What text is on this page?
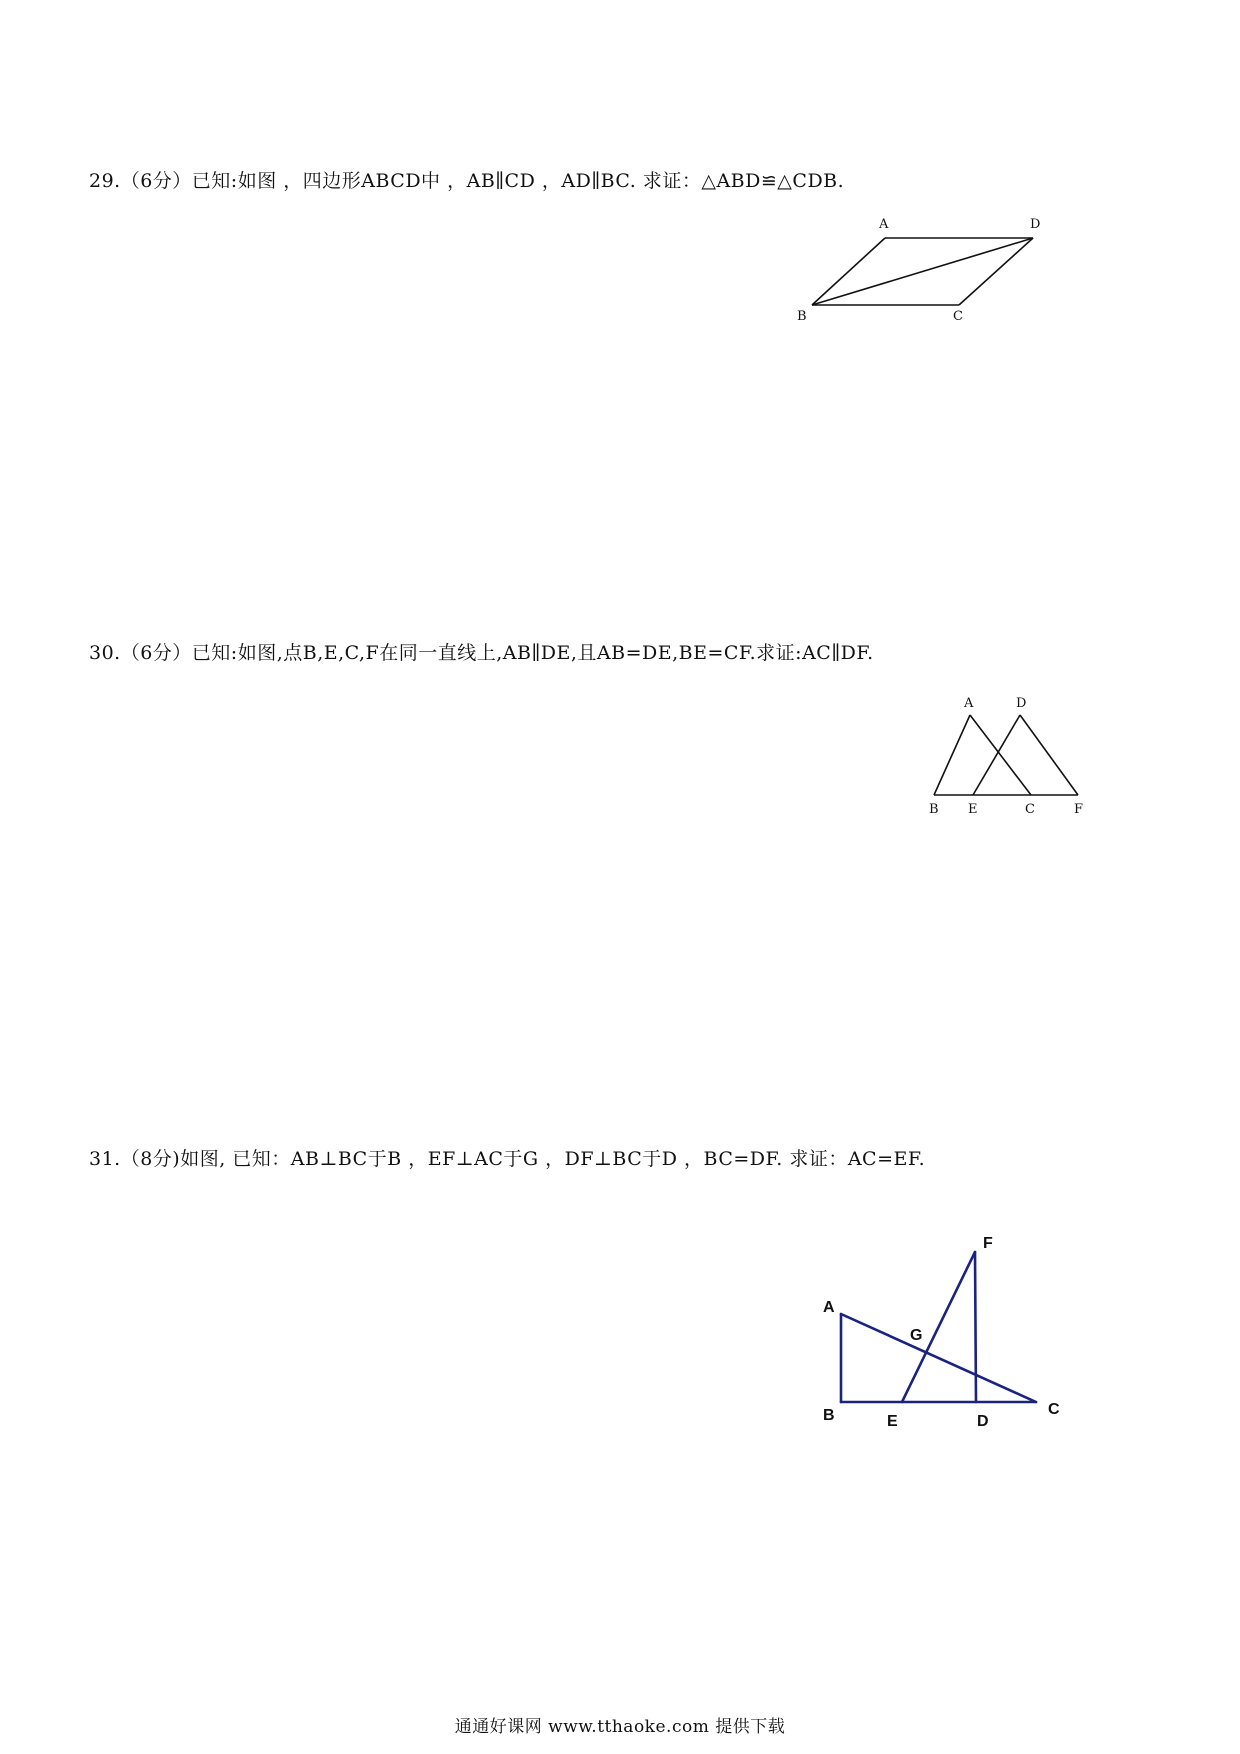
29.（6分）已知:如图 ，四边形ABCD中 ，AB∥CD ，AD∥BC. 求证：△ABD≌△CDB.
A	D
B	C
30.（6分）已知:如图,点B,E,C,F在同一直线上,AB∥DE,且AB=DE,BE=CF.求证:AC∥DF.
A	D
B E	C	F
31.（8分)如图, 已知：AB⊥BC于B ，EF⊥AC于G ，DF⊥BC于D ，BC=DF. 求证：AC=EF.
F
A
G
B	E	D
C
通通好课网 www.tthaoke.com 提供下载
